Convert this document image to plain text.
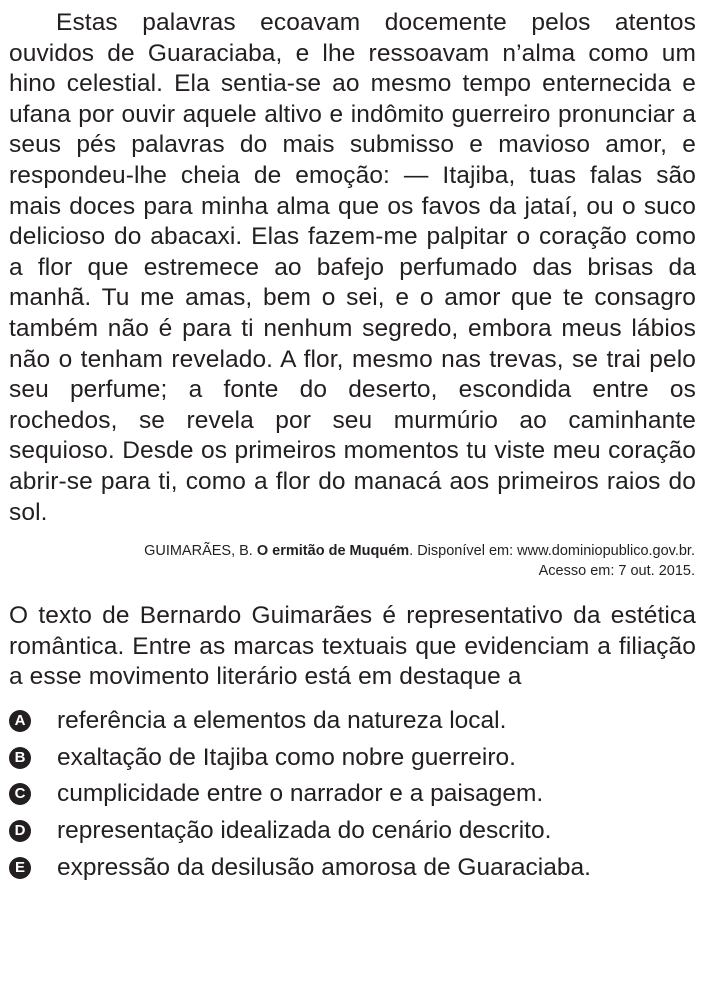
Estas palavras ecoavam docemente pelos atentos ouvidos de Guaraciaba, e lhe ressoavam n’alma como um hino celestial. Ela sentia-se ao mesmo tempo enternecida e ufana por ouvir aquele altivo e indômito guerreiro pronunciar a seus pés palavras do mais submisso e mavioso amor, e respondeu-lhe cheia de emoção: — Itajiba, tuas falas são mais doces para minha alma que os favos da jataí, ou o suco delicioso do abacaxi. Elas fazem-me palpitar o coração como a flor que estremece ao bafejo perfumado das brisas da manhã. Tu me amas, bem o sei, e o amor que te consagro também não é para ti nenhum segredo, embora meus lábios não o tenham revelado. A flor, mesmo nas trevas, se trai pelo seu perfume; a fonte do deserto, escondida entre os rochedos, se revela por seu murmúrio ao caminhante sequioso. Desde os primeiros momentos tu viste meu coração abrir-se para ti, como a flor do manacá aos primeiros raios do sol.

GUIMARÃES, B. O ermitão de Muquém. Disponível em: www.dominiopublico.gov.br.
Acesso em: 7 out. 2015.

O texto de Bernardo Guimarães é representativo da estética romântica. Entre as marcas textuais que evidenciam a filiação a esse movimento literário está em destaque a

A referência a elementos da natureza local.
B exaltação de Itajiba como nobre guerreiro.
C cumplicidade entre o narrador e a paisagem.
D representação idealizada do cenário descrito.
E expressão da desilusão amorosa de Guaraciaba.
